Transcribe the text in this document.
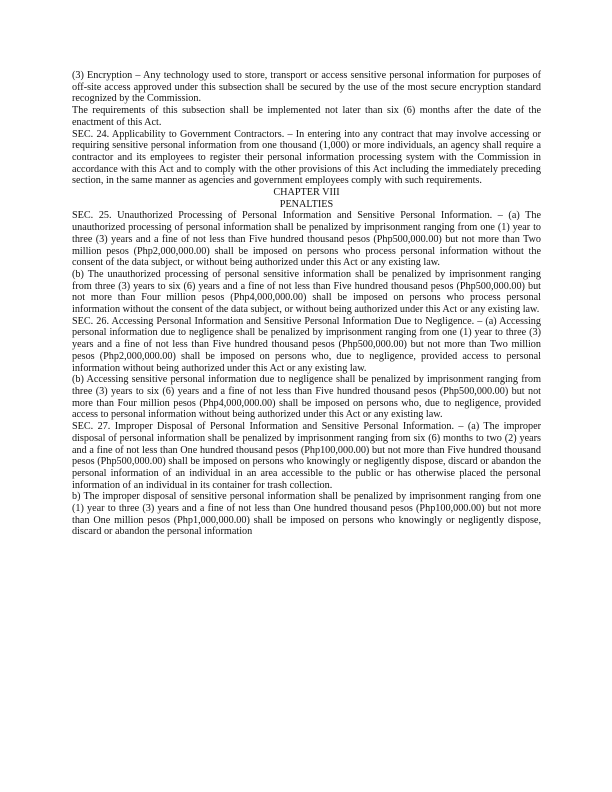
(3) Encryption – Any technology used to store, transport or access sensitive personal information for purposes of off-site access approved under this subsection shall be secured by the use of the most secure encryption standard recognized by the Commission.

The requirements of this subsection shall be implemented not later than six (6) months after the date of the enactment of this Act.

SEC. 24. Applicability to Government Contractors. – In entering into any contract that may involve accessing or requiring sensitive personal information from one thousand (1,000) or more individuals, an agency shall require a contractor and its employees to register their personal information processing system with the Commission in accordance with this Act and to comply with the other provisions of this Act including the immediately preceding section, in the same manner as agencies and government employees comply with such requirements.

CHAPTER VIII

PENALTIES

SEC. 25. Unauthorized Processing of Personal Information and Sensitive Personal Information. – (a) The unauthorized processing of personal information shall be penalized by imprisonment ranging from one (1) year to three (3) years and a fine of not less than Five hundred thousand pesos (Php500,000.00) but not more than Two million pesos (Php2,000,000.00) shall be imposed on persons who process personal information without the consent of the data subject, or without being authorized under this Act or any existing law.

(b) The unauthorized processing of personal sensitive information shall be penalized by imprisonment ranging from three (3) years to six (6) years and a fine of not less than Five hundred thousand pesos (Php500,000.00) but not more than Four million pesos (Php4,000,000.00) shall be imposed on persons who process personal information without the consent of the data subject, or without being authorized under this Act or any existing law.

SEC. 26. Accessing Personal Information and Sensitive Personal Information Due to Negligence. – (a) Accessing personal information due to negligence shall be penalized by imprisonment ranging from one (1) year to three (3) years and a fine of not less than Five hundred thousand pesos (Php500,000.00) but not more than Two million pesos (Php2,000,000.00) shall be imposed on persons who, due to negligence, provided access to personal information without being authorized under this Act or any existing law.

(b) Accessing sensitive personal information due to negligence shall be penalized by imprisonment ranging from three (3) years to six (6) years and a fine of not less than Five hundred thousand pesos (Php500,000.00) but not more than Four million pesos (Php4,000,000.00) shall be imposed on persons who, due to negligence, provided access to personal information without being authorized under this Act or any existing law.

SEC. 27. Improper Disposal of Personal Information and Sensitive Personal Information. – (a) The improper disposal of personal information shall be penalized by imprisonment ranging from six (6) months to two (2) years and a fine of not less than One hundred thousand pesos (Php100,000.00) but not more than Five hundred thousand pesos (Php500,000.00) shall be imposed on persons who knowingly or negligently dispose, discard or abandon the personal information of an individual in an area accessible to the public or has otherwise placed the personal information of an individual in its container for trash collection.

b) The improper disposal of sensitive personal information shall be penalized by imprisonment ranging from one (1) year to three (3) years and a fine of not less than One hundred thousand pesos (Php100,000.00) but not more than One million pesos (Php1,000,000.00) shall be imposed on persons who knowingly or negligently dispose, discard or abandon the personal information
